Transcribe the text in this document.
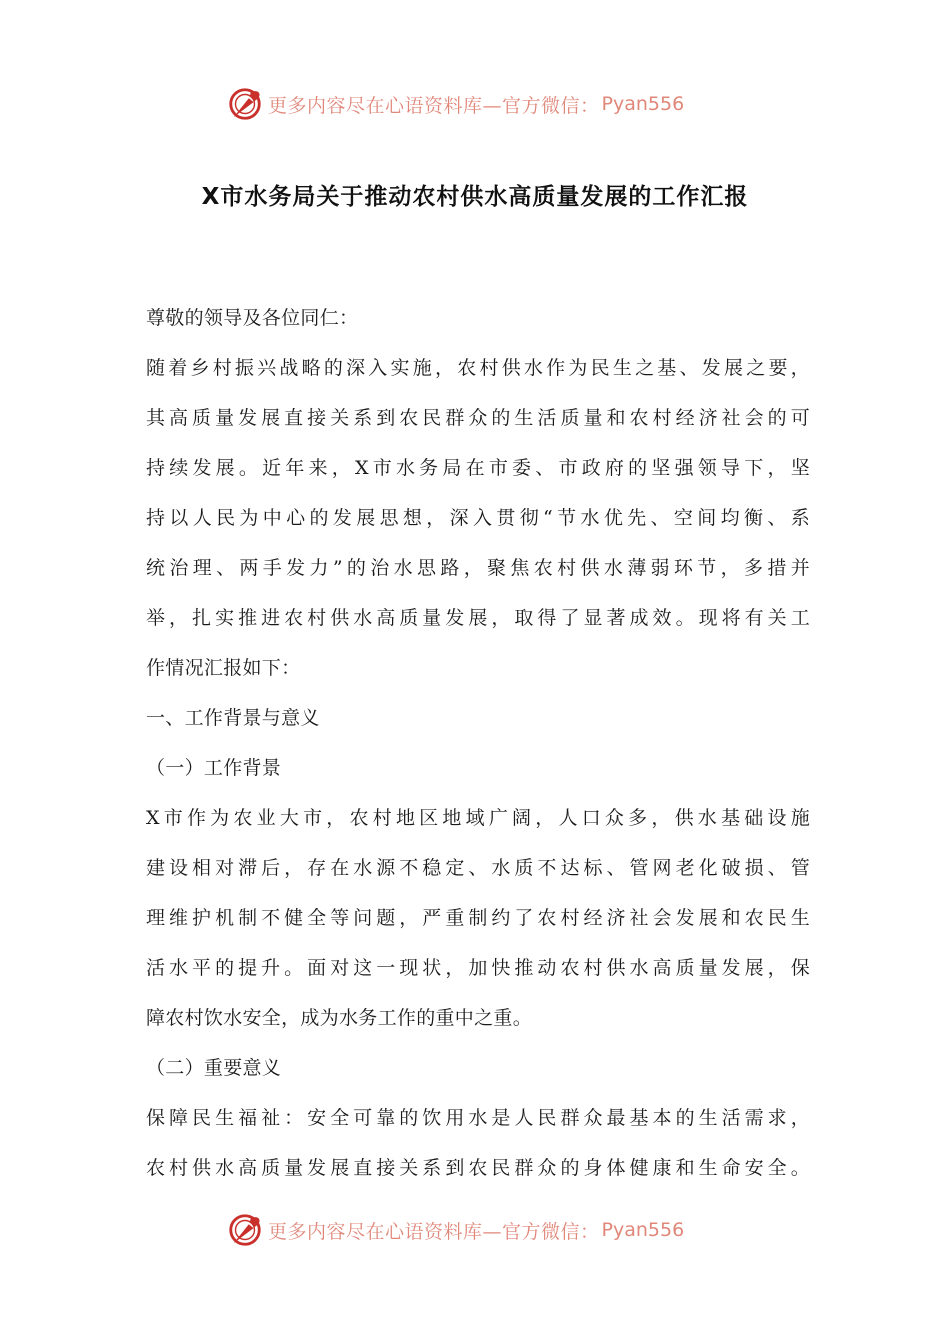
更多内容尽在心语资料库—官方微信： Pyan556
X市水务局关于推动农村供水高质量发展的工作汇报
尊敬的领导及各位同仁：
随着乡村振兴战略的深入实施，农村供水作为民生之基、发展之要，
其高质量发展直接关系到农民群众的生活质量和农村经济社会的可
持续发展。近年来，X市水务局在市委、市政府的坚强领导下，坚
持以人民为中心的发展思想，深入贯彻“节水优先、空间均衡、系
统治理、两手发力”的治水思路，聚焦农村供水薄弱环节，多措并
举，扎实推进农村供水高质量发展，取得了显著成效。现将有关工
作情况汇报如下：
一、工作背景与意义
（一）工作背景
X市作为农业大市，农村地区地域广阔，人口众多，供水基础设施
建设相对滞后，存在水源不稳定、水质不达标、管网老化破损、管
理维护机制不健全等问题，严重制约了农村经济社会发展和农民生
活水平的提升。面对这一现状，加快推动农村供水高质量发展，保
障农村饮水安全，成为水务工作的重中之重。
（二）重要意义
保障民生福祉：安全可靠的饮用水是人民群众最基本的生活需求，
农村供水高质量发展直接关系到农民群众的身体健康和生命安全。
更多内容尽在心语资料库—官方微信： Pyan556
